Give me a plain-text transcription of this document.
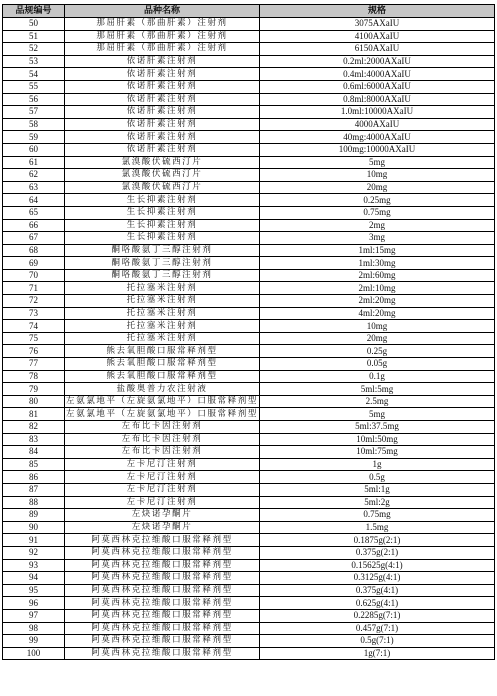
品规编号	品种名称	规格
50	那屈肝素（那曲肝素）注射剂	3075AXaIU
51	那屈肝素（那曲肝素）注射剂	4100AXaIU
52	那屈肝素（那曲肝素）注射剂	6150AXaIU
53	依诺肝素注射剂	0.2ml:2000AXaIU
54	依诺肝素注射剂	0.4ml:4000AXaIU
55	依诺肝素注射剂	0.6ml:6000AXaIU
56	依诺肝素注射剂	0.8ml:8000AXaIU
57	依诺肝素注射剂	1.0ml:10000AXaIU
58	依诺肝素注射剂	4000AXaIU
59	依诺肝素注射剂	40mg:4000AXaIU
60	依诺肝素注射剂	100mg:10000AXaIU
61	氯溴酸伏硫西汀片	5mg
62	氯溴酸伏硫西汀片	10mg
63	氯溴酸伏硫西汀片	20mg
64	生长抑素注射剂	0.25mg
65	生长抑素注射剂	0.75mg
66	生长抑素注射剂	2mg
67	生长抑素注射剂	3mg
68	酮咯酸氨丁三醇注射剂	1ml:15mg
69	酮咯酸氨丁三醇注射剂	1ml:30mg
70	酮咯酸氨丁三醇注射剂	2ml:60mg
71	托拉塞米注射剂	2ml:10mg
72	托拉塞米注射剂	2ml:20mg
73	托拉塞米注射剂	4ml:20mg
74	托拉塞米注射剂	10mg
75	托拉塞米注射剂	20mg
76	熊去氧胆酸口服常释剂型	0.25g
77	熊去氧胆酸口服常释剂型	0.05g
78	熊去氧胆酸口服常释剂型	0.1g
79	盐酸奥普力农注射液	5ml:5mg
80	左氨氯地平（左旋氨氯地平）口服常释剂型	2.5mg
81	左氨氯地平（左旋氨氯地平）口服常释剂型	5mg
82	左布比卡因注射剂	5ml:37.5mg
83	左布比卡因注射剂	10ml:50mg
84	左布比卡因注射剂	10ml:75mg
85	左卡尼汀注射剂	1g
86	左卡尼汀注射剂	0.5g
87	左卡尼汀注射剂	5ml:1g
88	左卡尼汀注射剂	5ml:2g
89	左炔诺孕酮片	0.75mg
90	左炔诺孕酮片	1.5mg
91	阿莫西林克拉维酸口服常释剂型	0.1875g(2:1)
92	阿莫西林克拉维酸口服常释剂型	0.375g(2:1)
93	阿莫西林克拉维酸口服常释剂型	0.15625g(4:1)
94	阿莫西林克拉维酸口服常释剂型	0.3125g(4:1)
95	阿莫西林克拉维酸口服常释剂型	0.375g(4:1)
96	阿莫西林克拉维酸口服常释剂型	0.625g(4:1)
97	阿莫西林克拉维酸口服常释剂型	0.2285g(7:1)
98	阿莫西林克拉维酸口服常释剂型	0.457g(7:1)
99	阿莫西林克拉维酸口服常释剂型	0.5g(7:1)
100	阿莫西林克拉维酸口服常释剂型	1g(7:1)
